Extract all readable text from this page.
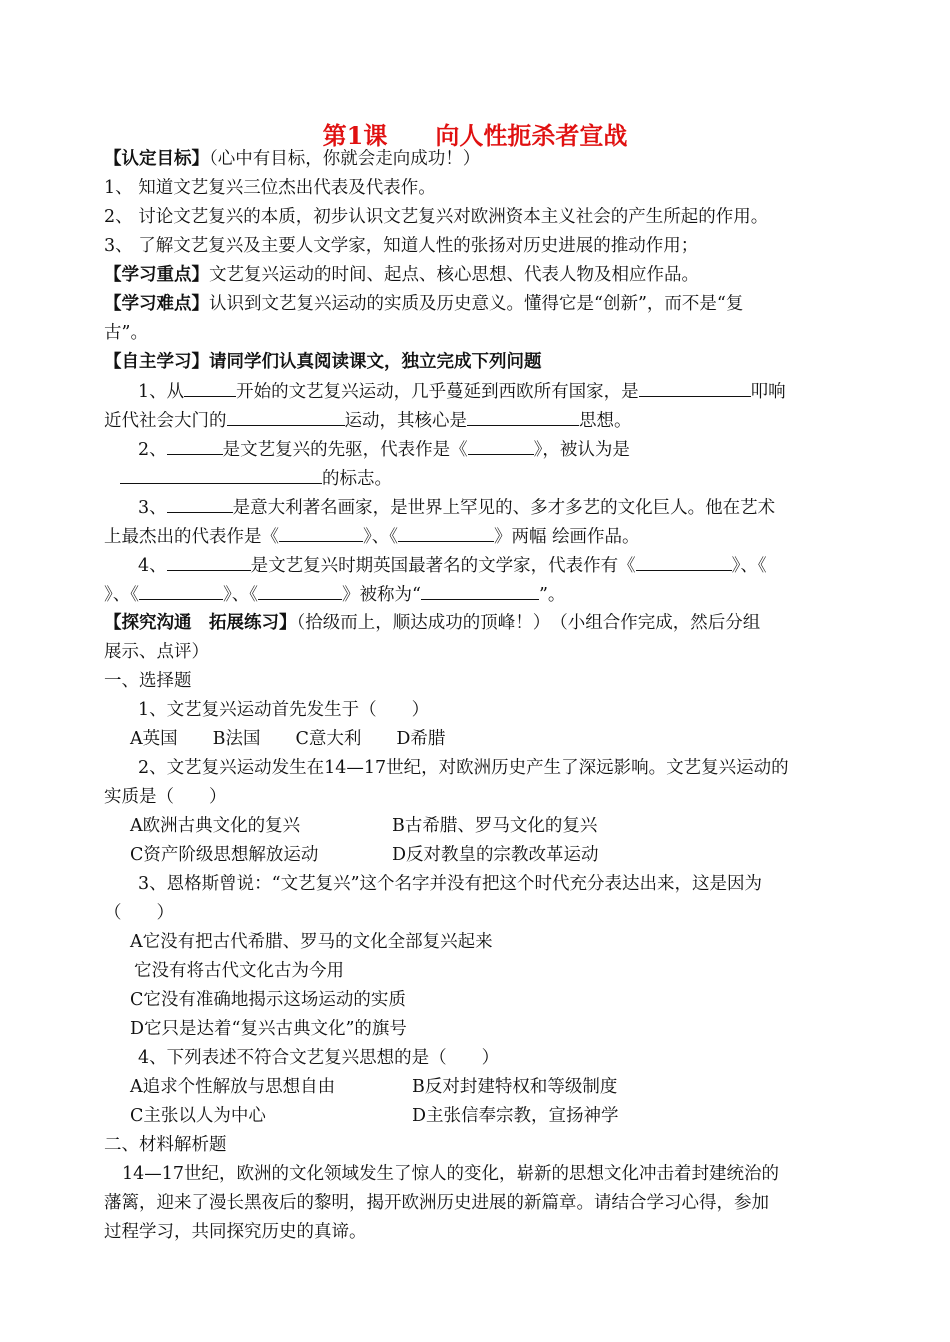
第1课　　向人性扼杀者宣战
【认定目标】（心中有目标，你就会走向成功！）
1、 知道文艺复兴三位杰出代表及代表作。
2、 讨论文艺复兴的本质，初步认识文艺复兴对欧洲资本主义社会的产生所起的作用。
3、 了解文艺复兴及主要人文学家，知道人性的张扬对历史进展的推动作用；
【学习重点】文艺复兴运动的时间、起点、核心思想、代表人物及相应作品。
【学习难点】认识到文艺复兴运动的实质及历史意义。懂得它是“创新”，而不是“复
古”。
【自主学习】请同学们认真阅读课文，独立完成下列问题
1、从	开始的文艺复兴运动，几乎蔓延到西欧所有国家，是	叩响
近代社会大门的	运动，其核心是	思想。
2、	是文艺复兴的先驱，代表作是《	》，被认为是
的标志。
3、	是意大利著名画家，是世界上罕见的、多才多艺的文化巨人。他在艺术
上最杰出的代表作是《	》、《	》两幅 绘画作品。
4、	是文艺复兴时期英国最著名的文学家，代表作有《	》、《
》、《	》、《	》被称为“	”。
【探究沟通　拓展练习】（拾级而上，顺达成功的顶峰！）　（小组合作完成，然后分组
展示、点评）
一、选择题
1、文艺复兴运动首先发生于（　　）
A英国　　B法国　　C意大利　　D希腊
2、文艺复兴运动发生在14—17世纪，对欧洲历史产生了深远影响。文艺复兴运动的
实质是（　　）
A欧洲古典文化的复兴	B古希腊、罗马文化的复兴
C资产阶级思想解放运动	D反对教皇的宗教改革运动
3、恩格斯曾说：“文艺复兴”这个名字并没有把这个时代充分表达出来，这是因为
（　　）
A它没有把古代希腊、罗马的文化全部复兴起来
它没有将古代文化古为今用
C它没有准确地揭示这场运动的实质
D它只是达着“复兴古典文化”的旗号
4、下列表述不符合文艺复兴思想的是（　　）
A追求个性解放与思想自由	B反对封建特权和等级制度
C主张以人为中心	D主张信奉宗教，宣扬神学
二、材料解析题
14—17世纪，欧洲的文化领域发生了惊人的变化，崭新的思想文化冲击着封建统治的
藩篱，迎来了漫长黑夜后的黎明，揭开欧洲历史进展的新篇章。请结合学习心得，参加
过程学习，共同探究历史的真谛。
